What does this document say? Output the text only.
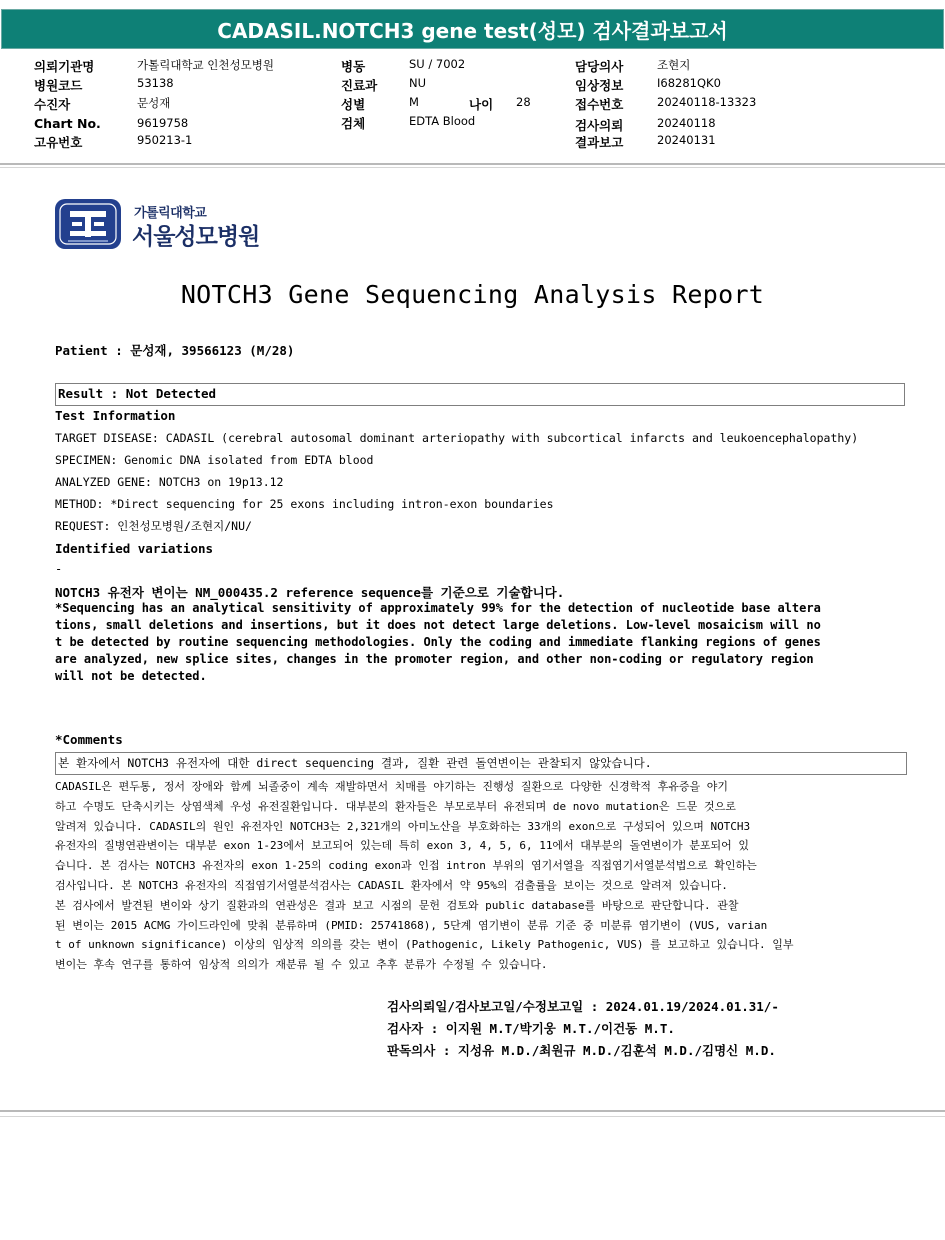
CADASIL.NOTCH3 gene test(성모) 검사결과보고서
의뢰기관명	가톨릭대학교 인천성모병원
병원코드	53138
수진자	문성재
Chart No.	9619758
고유번호	950213-1
병동	SU / 7002
진료과	NU
성별	M	나이 28
검체	EDTA Blood
담당의사	조현지
임상정보	I68281QK0
접수번호	20240118-13323
검사의뢰	20240118
결과보고	20240131
가톨릭대학교
서울성모병원
NOTCH3 Gene Sequencing Analysis Report
Patient : 문성재, 39566123 (M/28)
Result : Not Detected
Test Information
TARGET DISEASE: CADASIL (cerebral autosomal dominant arteriopathy with subcortical infarcts and leukoencephalopathy)
SPECIMEN: Genomic DNA isolated from EDTA blood
ANALYZED GENE: NOTCH3 on 19p13.12
METHOD: *Direct sequencing for 25 exons including intron-exon boundaries
REQUEST: 인천성모병원/조현지/NU/
Identified variations
-
NOTCH3 유전자 변이는 NM_000435.2 reference sequence를 기준으로 기술합니다.
*Sequencing has an analytical sensitivity of approximately 99% for the detection of nucleotide base altera
tions, small deletions and insertions, but it does not detect large deletions. Low-level mosaicism will no
t be detected by routine sequencing methodologies. Only the coding and immediate flanking regions of genes
are analyzed, new splice sites, changes in the promoter region, and other non-coding or regulatory region
will not be detected.
*Comments
본 환자에서 NOTCH3 유전자에 대한 direct sequencing 결과, 질환 관련 돌연변이는 관찰되지 않았습니다.
CADASIL은 편두통, 정서 장애와 함께 뇌졸중이 계속 재발하면서 치매를 야기하는 진행성 질환으로 다양한 신경학적 후유증을 야기
하고 수명도 단축시키는 상염색체 우성 유전질환입니다. 대부분의 환자들은 부모로부터 유전되며 de novo mutation은 드문 것으로
알려져 있습니다. CADASIL의 원인 유전자인 NOTCH3는 2,321개의 아미노산을 부호화하는 33개의 exon으로 구성되어 있으며 NOTCH3
유전자의 질병연관변이는 대부분 exon 1-23에서 보고되어 있는데 특히 exon 3, 4, 5, 6, 11에서 대부분의 돌연변이가 분포되어 있
습니다. 본 검사는 NOTCH3 유전자의 exon 1-25의 coding exon과 인접 intron 부위의 염기서열을 직접염기서열분석법으로 확인하는
검사입니다. 본 NOTCH3 유전자의 직접염기서열분석검사는 CADASIL 환자에서 약 95%의 검출률을 보이는 것으로 알려져 있습니다.
본 검사에서 발견된 변이와 상기 질환과의 연관성은 결과 보고 시점의 문헌 검토와 public database를 바탕으로 판단합니다. 관찰
된 변이는 2015 ACMG 가이드라인에 맞춰 분류하며 (PMID: 25741868), 5단계 염기변이 분류 기준 중 미분류 염기변이 (VUS, varian
t of unknown significance) 이상의 임상적 의의를 갖는 변이 (Pathogenic, Likely Pathogenic, VUS) 를 보고하고 있습니다. 일부
변이는 후속 연구를 통하여 임상적 의의가 재분류 될 수 있고 추후 분류가 수정될 수 있습니다.
검사의뢰일/검사보고일/수정보고일 : 2024.01.19/2024.01.31/-
검사자 : 이지원 M.T/박기웅 M.T./이건동 M.T.
판독의사 : 지성유 M.D./최원규 M.D./김훈석 M.D./김명신 M.D.
